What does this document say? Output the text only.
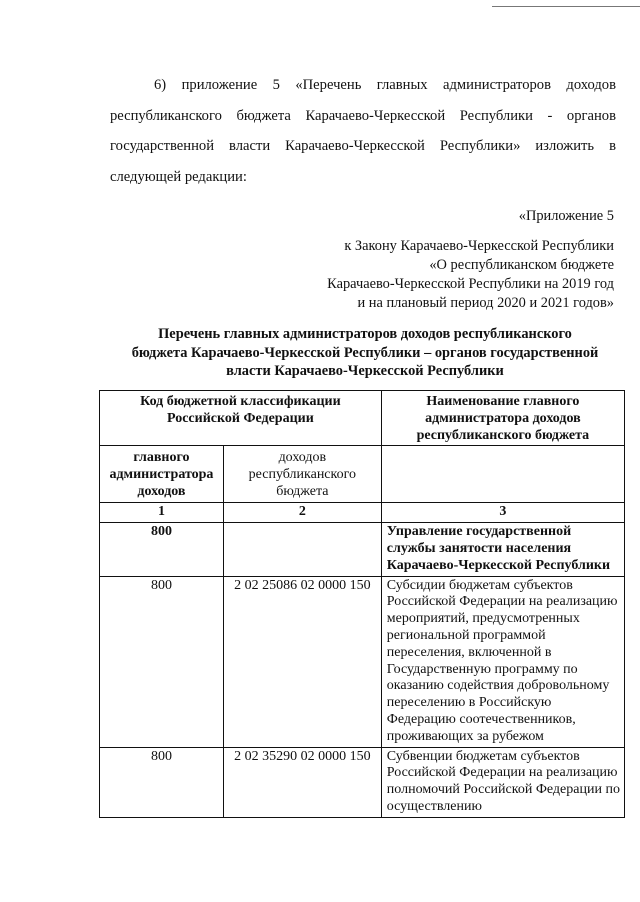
6) приложение 5 «Перечень главных администраторов доходов
республиканского бюджета Карачаево-Черкесской Республики - органов
государственной власти Карачаево-Черкесской Республики» изложить в
следующей редакции:
«Приложение 5
к Закону Карачаево-Черкесской Республики
«О республиканском бюджете
Карачаево-Черкесской Республики на 2019 год
и на плановый период 2020 и 2021 годов»
Перечень главных администраторов доходов республиканского
бюджета Карачаево-Черкесской Республики – органов государственной
власти Карачаево-Черкесской Республики
Код бюджетной классификации Российской Федерации		Наименование главного администратора доходов республиканского бюджета
главного администратора доходов	доходов республиканского бюджета	
1	2	3
800		Управление государственной службы занятости населения Карачаево-Черкесской Республики
800	2 02 25086 02 0000 150	Субсидии бюджетам субъектов Российской Федерации на реализацию мероприятий, предусмотренных региональной программой переселения, включенной в Государственную программу по оказанию содействия добровольному переселению в Российскую Федерацию соотечественников, проживающих за рубежом
800	2 02 35290 02 0000 150	Субвенции бюджетам субъектов Российской Федерации на реализацию полномочий Российской Федерации по осуществлению
